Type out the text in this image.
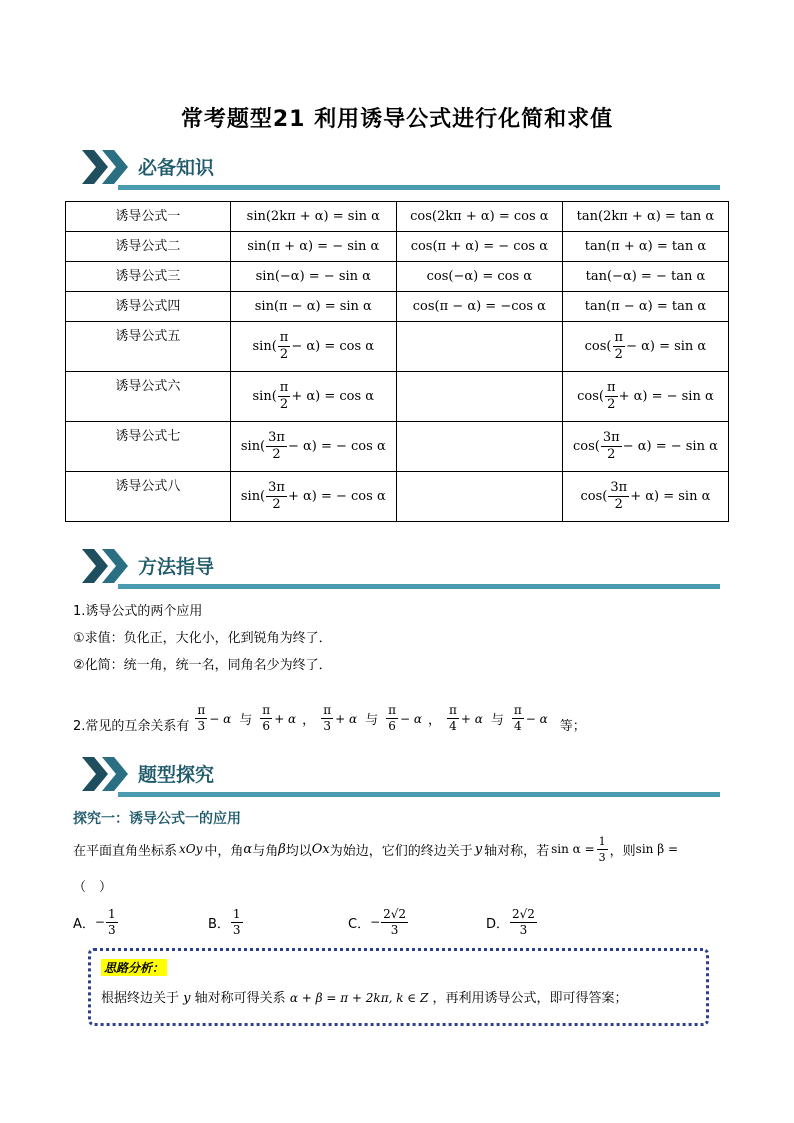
常考题型21 利用诱导公式进行化简和求值
必备知识
诱导公式一	sin(2kπ + α) = sin α	cos(2kπ + α) = cos α	tan(2kπ + α) = tan α
诱导公式二	sin(π + α) = − sin α	cos(π + α) = − cos α	tan(π + α) = tan α
诱导公式三	sin(−α) = − sin α	cos(−α) = cos α	tan(−α) = − tan α
诱导公式四	sin(π − α) = sin α	cos(π − α) = −cos α	tan(π − α) = tan α
诱导公式五	$\sin( \frac{\pi}{2} - \alpha) = \cos \alpha$		$\cos( \frac{\pi}{2} - \alpha) = \sin \alpha$
诱导公式六	$\sin( \frac{\pi}{2} + \alpha) = \cos \alpha$		$\cos( \frac{\pi}{2} + \alpha)$ = − sin α
诱导公式七	$\sin( \frac{3\pi}{2} - \alpha)$ = − cos α		$\cos( \frac{3\pi}{2} - \alpha)$ = − sin α
诱导公式八	$\sin( \frac{3\pi}{2} + \alpha)$ = − cos α		$\cos( \frac{3\pi}{2} + \alpha) = \sin \alpha$
方法指导
1.诱导公式的两个应用
①求值：负化正，大化小，化到锐角为终了．
②化简：统一角，统一名，同角名少为终了．
2.常见的互余关系有 $\frac{\pi}{3} - \alpha$ 与 $\frac{\pi}{6} + \alpha$ ， $\frac{\pi}{3} + \alpha$ 与 $\frac{\pi}{6} - \alpha$ ， $\frac{\pi}{4} + \alpha$ 与 $\frac{\pi}{4} - \alpha$
等；
题型探究
探究一：诱导公式一的应用
在平面直角坐标系 xOy 中，角 α 与角 β 均以 Ox 为始边，它们的终边关于 y 轴对称，若 $\sin \alpha = \frac{1}{3}$ ，则 sin β =
（　）
A． − $\frac{1}{3}$	B． $\frac{1}{3}$	C． − $\frac{2√2}{3}$	D． $\frac{2√2}{3}$
思路分析：
根据终边关于 y 轴对称可得关系 α + β = π + 2kπ, k ∈ Z ，再利用诱导公式，即可得答案；
